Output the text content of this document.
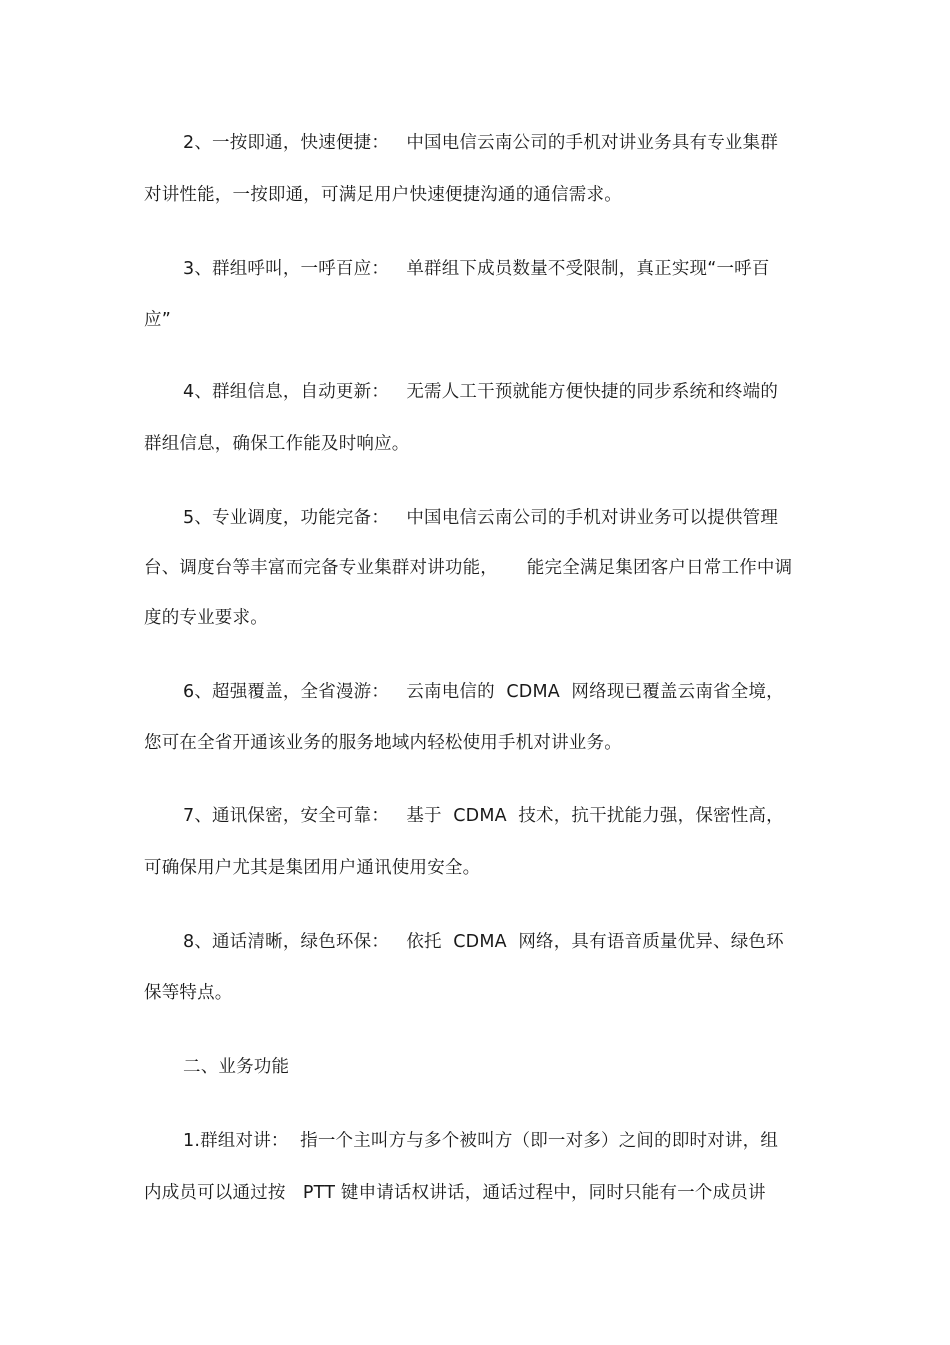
2、一按即通，快速便捷：   中国电信云南公司的手机对讲业务具有专业集群
对讲性能，一按即通，可满足用户快速便捷沟通的通信需求。
3、群组呼叫，一呼百应：   单群组下成员数量不受限制，真正实现“一呼百
应”
4、群组信息，自动更新：   无需人工干预就能方便快捷的同步系统和终端的
群组信息，确保工作能及时响应。
5、专业调度，功能完备：   中国电信云南公司的手机对讲业务可以提供管理
台、调度台等丰富而完备专业集群对讲功能，     能完全满足集团客户日常工作中调
度的专业要求。
6、超强覆盖，全省漫游：   云南电信的  CDMA  网络现已覆盖云南省全境，
您可在全省开通该业务的服务地域内轻松使用手机对讲业务。
7、通讯保密，安全可靠：   基于  CDMA  技术，抗干扰能力强，保密性高，
可确保用户尤其是集团用户通讯使用安全。
8、通话清晰，绿色环保：   依托  CDMA  网络，具有语音质量优异、绿色环
保等特点。
二、业务功能
1.群组对讲：  指一个主叫方与多个被叫方（即一对多）之间的即时对讲，组
内成员可以通过按   PTT 键申请话权讲话，通话过程中，同时只能有一个成员讲
